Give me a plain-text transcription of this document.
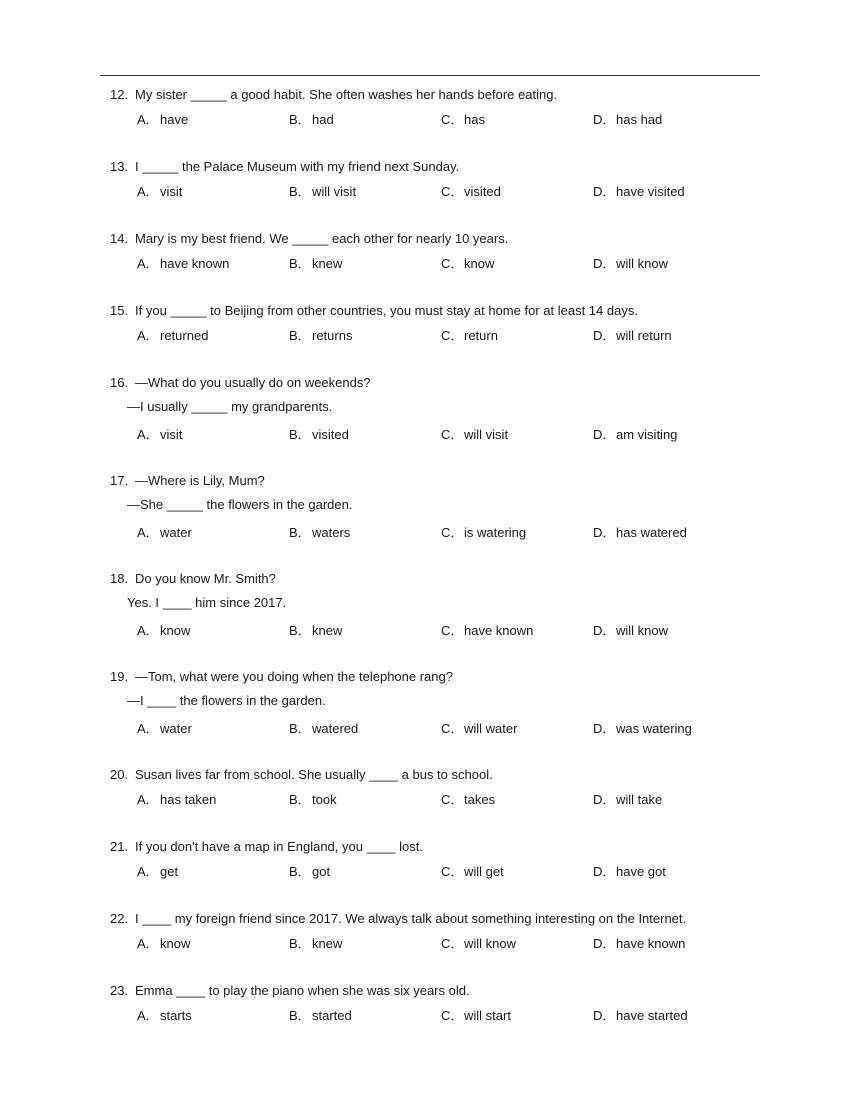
12. My sister _____ a good habit. She often washes her hands before eating.
A．have	B．had	C．has	D．has had
13. I _____ the Palace Museum with my friend next Sunday.
A．visit	B．will visit	C．visited	D．have visited
14. Mary is my best friend. We _____ each other for nearly 10 years.
A．have known	B．knew	C．know	D．will know
15. If you _____ to Beijing from other countries, you must stay at home for at least 14 days.
A．returned	B．returns	C．return	D．will return
16. —What do you usually do on weekends?
—I usually _____ my grandparents.
A．visit	B．visited	C．will visit	D．am visiting
17. —Where is Lily, Mum?
—She _____ the flowers in the garden.
A．water	B．waters	C．is watering	D．has watered
18. Do you know Mr. Smith?
Yes. I ____ him since 2017.
A．know	B．knew	C．have known	D．will know
19. —Tom, what were you doing when the telephone rang?
—I ____ the flowers in the garden.
A．water	B．watered	C．will water	D．was watering
20. Susan lives far from school. She usually ____ a bus to school.
A．has taken	B．took	C．takes	D．will take
21. If you don't have a map in England, you ____ lost.
A．get	B．got	C．will get	D．have got
22. I ____ my foreign friend since 2017. We always talk about something interesting on the Internet.
A．know	B．knew	C．will know	D．have known
23. Emma ____ to play the piano when she was six years old.
A．starts	B．started	C．will start	D．have started
